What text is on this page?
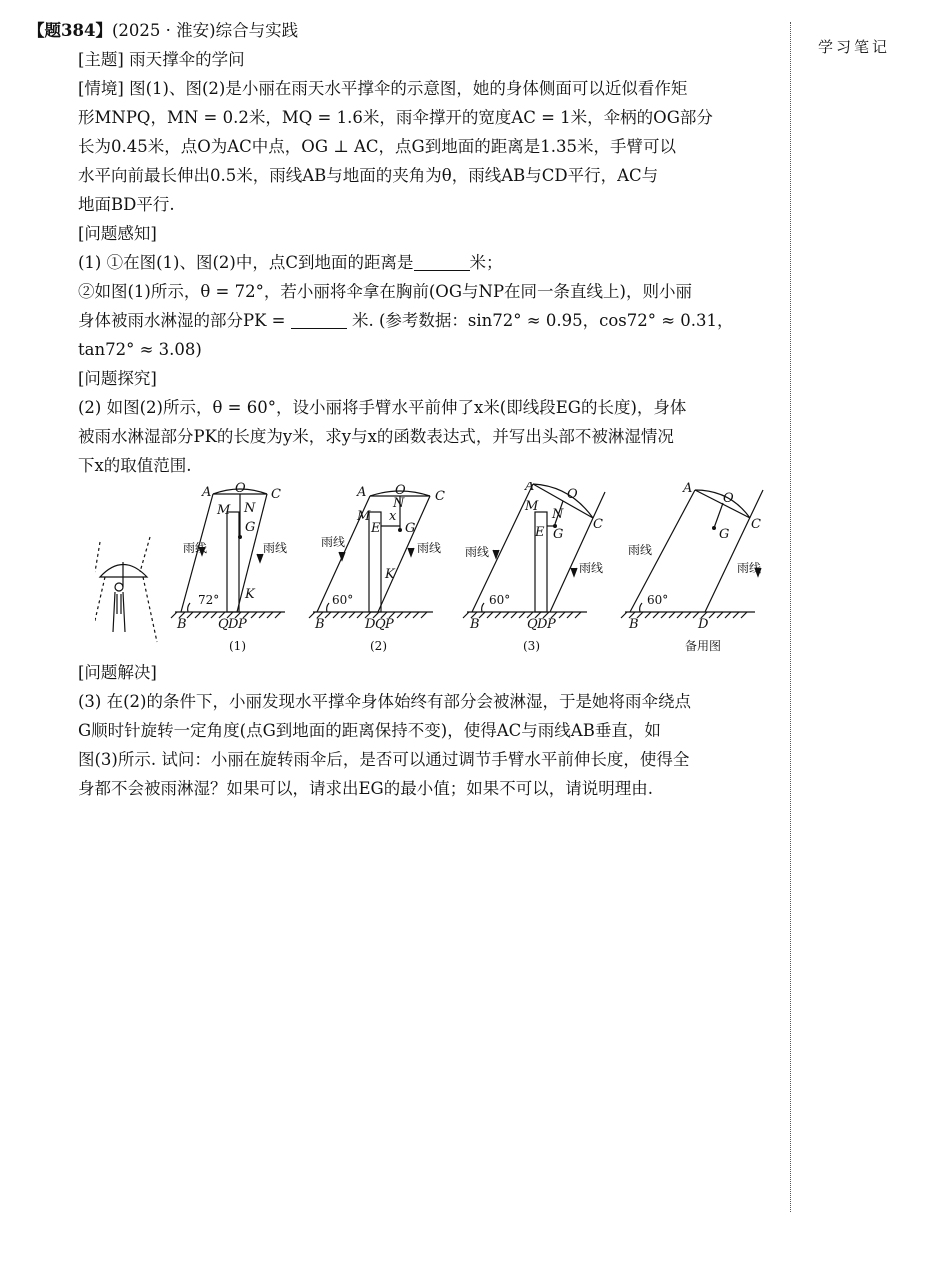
学习笔记
【题384】(2025 · 淮安)综合与实践
[主题] 雨天撑伞的学问
[情境] 图(1)、图(2)是小丽在雨天水平撑伞的示意图，她的身体侧面可以近似看作矩
形MNPQ，MN = 0.2米，MQ = 1.6米，雨伞撑开的宽度AC = 1米，伞柄的OG部分
长为0.45米，点O为AC中点，OG ⊥ AC，点G到地面的距离是1.35米，手臂可以
水平向前最长伸出0.5米，雨线AB与地面的夹角为θ，雨线AB与CD平行，AC与
地面BD平行.
[问题感知]
(1) ①在图(1)、图(2)中，点C到地面的距离是	米；
②如图(1)所示，θ = 72°，若小丽将伞拿在胸前(OG与NP在同一条直线上)，则小丽
身体被雨水淋湿的部分PK =	米. (参考数据：sin72° ≈ 0.95，cos72° ≈ 0.31，
tan72° ≈ 3.08)
[问题探究]
(2) 如图(2)所示，θ = 60°，设小丽将手臂水平前伸了x米(即线段EG的长度)，身体
被雨水淋湿部分PK的长度为y米，求y与x的函数表达式，并写出头部不被淋湿情况
下x的取值范围.
A O C
M N
G
K
B Q D P
A O C
N
x
M
E G
K
B	D Q P
A
O
C
M
N
E G
B	Q D P
A
O
C
G
B	D
雨线	雨线
72°
雨线	雨线
60°
雨线
雨线
60°
雨线
雨线
60°
(1)	(2)	(3)	备用图
[问题解决]
(3) 在(2)的条件下，小丽发现水平撑伞身体始终有部分会被淋湿，于是她将雨伞绕点
G顺时针旋转一定角度(点G到地面的距离保持不变)，使得AC与雨线AB垂直，如
图(3)所示. 试问：小丽在旋转雨伞后，是否可以通过调节手臂水平前伸长度，使得全
身都不会被雨淋湿？如果可以，请求出EG的最小值；如果不可以，请说明理由.
